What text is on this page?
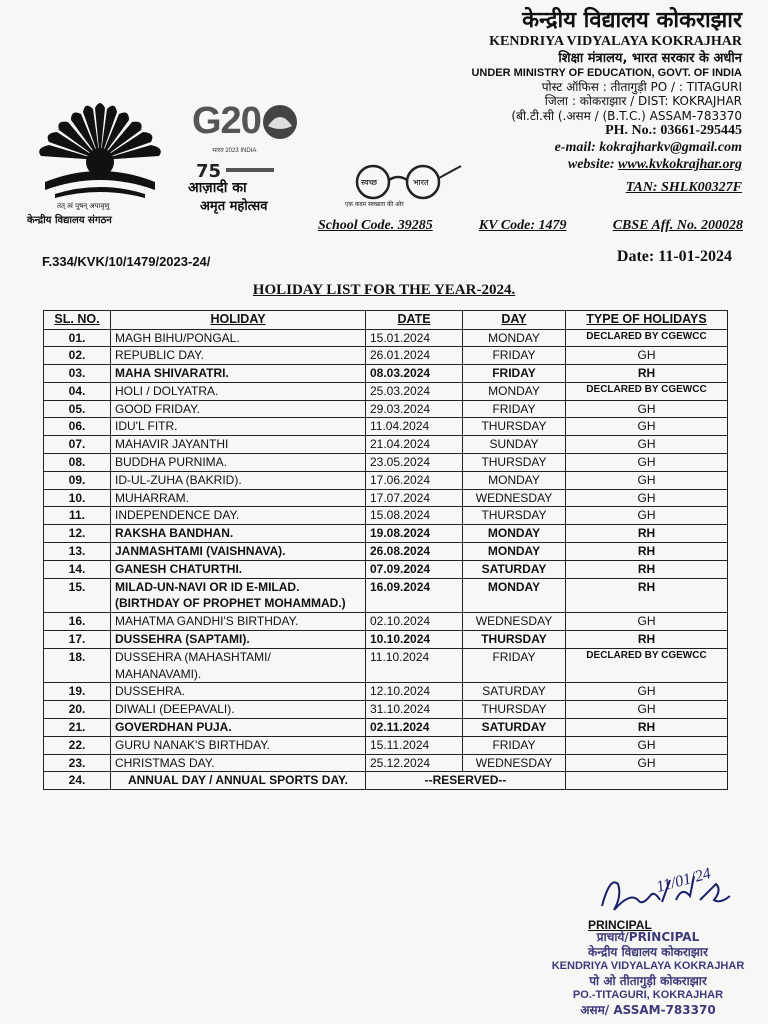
केन्द्रीय विद्यालय कोकराझार
KENDRIYA VIDYALAYA KOKRAJHAR
शिक्षा मंत्रालय, भारत सरकार के अधीन
UNDER MINISTRY OF EDUCATION, GOVT. OF INDIA
पोस्ट ऑफिस : तीतागुड़ी PO / : TITAGURI
जिला : कोकराझार / DIST: KOKRAJHAR
(बी.टी.सी (.असम / (B.T.C.) ASSAM-783370
PH. No.: 03661-295445
e-mail: kokrajharkv@gmail.com
website: www.kvkokrajhar.org
TAN: SHLK00327F
School Code. 39285	KV Code: 1479	CBSE Aff. No. 200028
तत् त्वं पूषन् अपावृणु
केन्द्रीय विद्यालय संगठन
G20
भारत 2023 INDIA
75
आज़ादी का
अमृत महोत्सव
स्वच्छ	भारत
एक कदम स्वच्छता की ओर
F.334/KVK/10/1479/2023-24/	Date: 11-01-2024
HOLIDAY LIST FOR THE YEAR-2024.
SL. NO.	HOLIDAY	DATE	DAY	TYPE OF HOLIDAYS
01.	MAGH BIHU/PONGAL.	15.01.2024	MONDAY	DECLARED BY CGEWCC
02.	REPUBLIC DAY.	26.01.2024	FRIDAY	GH
03.	MAHA SHIVARATRI.	08.03.2024	FRIDAY	RH
04.	HOLI / DOLYATRA.	25.03.2024	MONDAY	DECLARED BY CGEWCC
05.	GOOD FRIDAY.	29.03.2024	FRIDAY	GH
06.	IDU'L FITR.	11.04.2024	THURSDAY	GH
07.	MAHAVIR JAYANTHI	21.04.2024	SUNDAY	GH
08.	BUDDHA PURNIMA.	23.05.2024	THURSDAY	GH
09.	ID-UL-ZUHA (BAKRID).	17.06.2024	MONDAY	GH
10.	MUHARRAM.	17.07.2024	WEDNESDAY	GH
11.	INDEPENDENCE DAY.	15.08.2024	THURSDAY	GH
12.	RAKSHA BANDHAN.	19.08.2024	MONDAY	RH
13.	JANMASHTAMI (VAISHNAVA).	26.08.2024	MONDAY	RH
14.	GANESH CHATURTHI.	07.09.2024	SATURDAY	RH
15.	MILAD-UN-NAVI OR ID E-MILAD.
(BIRTHDAY OF PROPHET MOHAMMAD.)	16.09.2024	MONDAY	RH
16.	MAHATMA GANDHI'S BIRTHDAY.	02.10.2024	WEDNESDAY	GH
17.	DUSSEHRA (SAPTAMI).	10.10.2024	THURSDAY	RH
18.	DUSSEHRA (MAHASHTAMI/
MAHANAVAMI).	11.10.2024	FRIDAY	DECLARED BY CGEWCC
19.	DUSSEHRA.	12.10.2024	SATURDAY	GH
20.	DIWALI (DEEPAVALI).	31.10.2024	THURSDAY	GH
21.	GOVERDHAN PUJA.	02.11.2024	SATURDAY	RH
22.	GURU NANAK'S BIRTHDAY.	15.11.2024	FRIDAY	GH
23.	CHRISTMAS DAY.	25.12.2024	WEDNESDAY	GH
24.	ANNUAL DAY / ANNUAL SPORTS DAY.	--RESERVED--		
11/01/24
PRINCIPAL
प्राचार्य/PRINCIPAL
केन्द्रीय विद्यालय कोकराझार
KENDRIYA VIDYALAYA KOKRAJHAR
पो ओ तीतागुड़ी कोकराझार
PO.-TITAGURI, KOKRAJHAR
असम/ ASSAM-783370
